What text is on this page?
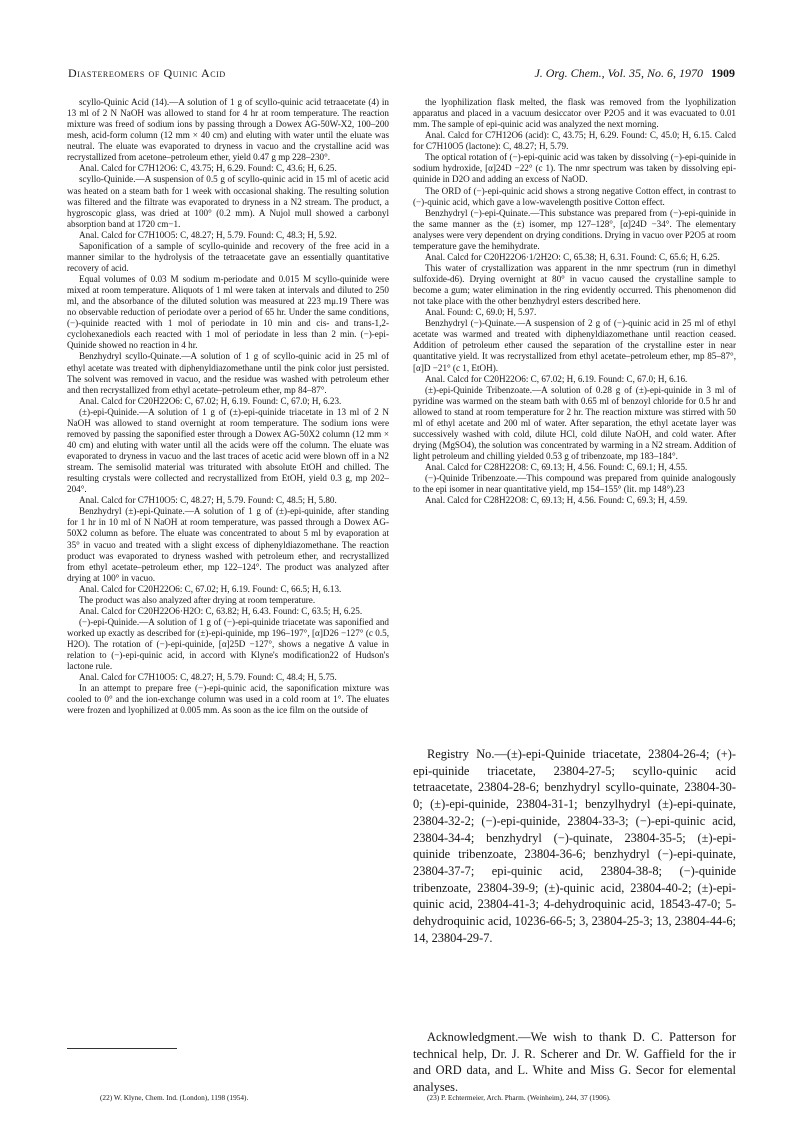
Diastereomers of Quinic Acid	J. Org. Chem., Vol. 35, No. 6, 1970 1909

scyllo-Quinic Acid (14).—A solution of 1 g of scyllo-quinic acid tetraacetate (4) in 13 ml of 2 N NaOH was allowed to stand for 4 hr at room temperature. The reaction mixture was freed of sodium ions by passing through a Dowex AG-50W-X2, 100–200 mesh, acid-form column (12 mm × 40 cm) and eluting with water until the eluate was neutral. The eluate was evaporated to dryness in vacuo and the crystalline acid was recrystallized from acetone–petroleum ether, yield 0.47 g mp 228–230°.

Anal. Calcd for C7H12O6: C, 43.75; H, 6.29. Found: C, 43.6; H, 6.25.

scyllo-Quinide.—A suspension of 0.5 g of scyllo-quinic acid in 15 ml of acetic acid was heated on a steam bath for 1 week with occasional shaking. The resulting solution was filtered and the filtrate was evaporated to dryness in a N2 stream. The product, a hygroscopic glass, was dried at 100° (0.2 mm). A Nujol mull showed a carbonyl absorption band at 1720 cm−1.

Anal. Calcd for C7H10O5: C, 48.27; H, 5.79. Found: C, 48.3; H, 5.92.

Saponification of a sample of scyllo-quinide and recovery of the free acid in a manner similar to the hydrolysis of the tetraacetate gave an essentially quantitative recovery of acid.

Equal volumes of 0.03 M sodium m-periodate and 0.015 M scyllo-quinide were mixed at room temperature. Aliquots of 1 ml were taken at intervals and diluted to 250 ml, and the absorbance of the diluted solution was measured at 223 mμ.19 There was no observable reduction of periodate over a period of 65 hr. Under the same conditions, (−)-quinide reacted with 1 mol of periodate in 10 min and cis- and trans-1,2-cyclohexanediols each reacted with 1 mol of periodate in less than 2 min. (−)-epi-Quinide showed no reaction in 4 hr.

Benzhydryl scyllo-Quinate.—A solution of 1 g of scyllo-quinic acid in 25 ml of ethyl acetate was treated with diphenyldiazomethane until the pink color just persisted. The solvent was removed in vacuo, and the residue was washed with petroleum ether and then recrystallized from ethyl acetate–petroleum ether, mp 84–87°.

Anal. Calcd for C20H22O6: C, 67.02; H, 6.19. Found: C, 67.0; H, 6.23.

(±)-epi-Quinide.—A solution of 1 g of (±)-epi-quinide triacetate in 13 ml of 2 N NaOH was allowed to stand overnight at room temperature. The sodium ions were removed by passing the saponified ester through a Dowex AG-50X2 column (12 mm × 40 cm) and eluting with water until all the acids were off the column. The eluate was evaporated to dryness in vacuo and the last traces of acetic acid were blown off in a N2 stream. The semisolid material was triturated with absolute EtOH and chilled. The resulting crystals were collected and recrystallized from EtOH, yield 0.3 g, mp 202–204°.

Anal. Calcd for C7H10O5: C, 48.27; H, 5.79. Found: C, 48.5; H, 5.80.

Benzhydryl (±)-epi-Quinate.—A solution of 1 g of (±)-epi-quinide, after standing for 1 hr in 10 ml of N NaOH at room temperature, was passed through a Dowex AG-50X2 column as before. The eluate was concentrated to about 5 ml by evaporation at 35° in vacuo and treated with a slight excess of diphenyldiazomethane. The reaction product was evaporated to dryness washed with petroleum ether, and recrystallized from ethyl acetate–petroleum ether, mp 122–124°. The product was analyzed after drying at 100° in vacuo.

Anal. Calcd for C20H22O6: C, 67.02; H, 6.19. Found: C, 66.5; H, 6.13.

The product was also analyzed after drying at room temperature.

Anal. Calcd for C20H22O6·H2O: C, 63.82; H, 6.43. Found: C, 63.5; H, 6.25.

(−)-epi-Quinide.—A solution of 1 g of (−)-epi-quinide triacetate was saponified and worked up exactly as described for (±)-epi-quinide, mp 196–197°, [α]D26 −127° (c 0.5, H2O). The rotation of (−)-epi-quinide, [α]25D −127°, shows a negative Δ value in relation to (−)-epi-quinic acid, in accord with Klyne's modification22 of Hudson's lactone rule.

Anal. Calcd for C7H10O5: C, 48.27; H, 5.79. Found: C, 48.4; H, 5.75.

In an attempt to prepare free (−)-epi-quinic acid, the saponification mixture was cooled to 0° and the ion-exchange column was used in a cold room at 1°. The eluates were frozen and lyophilized at 0.005 mm. As soon as the ice film on the outside of

the lyophilization flask melted, the flask was removed from the lyophilization apparatus and placed in a vacuum desiccator over P2O5 and it was evacuated to 0.01 mm. The sample of epi-quinic acid was analyzed the next morning.

Anal. Calcd for C7H12O6 (acid): C, 43.75; H, 6.29. Found: C, 45.0; H, 6.15. Calcd for C7H10O5 (lactone): C, 48.27; H, 5.79.

The optical rotation of (−)-epi-quinic acid was taken by dissolving (−)-epi-quinide in sodium hydroxide, [α]24D −22° (c 1). The nmr spectrum was taken by dissolving epi-quinide in D2O and adding an excess of NaOD.

The ORD of (−)-epi-quinic acid shows a strong negative Cotton effect, in contrast to (−)-quinic acid, which gave a low-wavelength positive Cotton effect.

Benzhydryl (−)-epi-Quinate.—This substance was prepared from (−)-epi-quinide in the same manner as the (±) isomer, mp 127–128°, [α]24D −34°. The elementary analyses were very dependent on drying conditions. Drying in vacuo over P2O5 at room temperature gave the hemihydrate.

Anal. Calcd for C20H22O6·1/2H2O: C, 65.38; H, 6.31. Found: C, 65.6; H, 6.25.

This water of crystallization was apparent in the nmr spectrum (run in dimethyl sulfoxide-d6). Drying overnight at 80° in vacuo caused the crystalline sample to become a gum; water elimination in the ring evidently occurred. This phenomenon did not take place with the other benzhydryl esters described here.

Anal. Found: C, 69.0; H, 5.97.

Benzhydryl (−)-Quinate.—A suspension of 2 g of (−)-quinic acid in 25 ml of ethyl acetate was warmed and treated with diphenyldiazomethane until reaction ceased. Addition of petroleum ether caused the separation of the crystalline ester in near quantitative yield. It was recrystallized from ethyl acetate–petroleum ether, mp 85–87°, [α]D −21° (c 1, EtOH).

Anal. Calcd for C20H22O6: C, 67.02; H, 6.19. Found: C, 67.0; H, 6.16.

(±)-epi-Quinide Tribenzoate.—A solution of 0.28 g of (±)-epi-quinide in 3 ml of pyridine was warmed on the steam bath with 0.65 ml of benzoyl chloride for 0.5 hr and allowed to stand at room temperature for 2 hr. The reaction mixture was stirred with 50 ml of ethyl acetate and 200 ml of water. After separation, the ethyl acetate layer was successively washed with cold, dilute HCl, cold dilute NaOH, and cold water. After drying (MgSO4), the solution was concentrated by warming in a N2 stream. Addition of light petroleum and chilling yielded 0.53 g of tribenzoate, mp 183–184°.

Anal. Calcd for C28H22O8: C, 69.13; H, 4.56. Found: C, 69.1; H, 4.55.

(−)-Quinide Tribenzoate.—This compound was prepared from quinide analogously to the epi isomer in near quantitative yield, mp 154–155° (lit. mp 148°).23

Anal. Calcd for C28H22O8: C, 69.13; H, 4.56. Found: C, 69.3; H, 4.59.

Registry No.—(±)-epi-Quinide triacetate, 23804-26-4; (+)-epi-quinide triacetate, 23804-27-5; scyllo-quinic acid tetraacetate, 23804-28-6; benzhydryl scyllo-quinate, 23804-30-0; (±)-epi-quinide, 23804-31-1; benzylhydryl (±)-epi-quinate, 23804-32-2; (−)-epi-quinide, 23804-33-3; (−)-epi-quinic acid, 23804-34-4; benzhydryl (−)-quinate, 23804-35-5; (±)-epi-quinide tribenzoate, 23804-36-6; benzhydryl (−)-epi-quinate, 23804-37-7; epi-quinic acid, 23804-38-8; (−)-quinide tribenzoate, 23804-39-9; (±)-quinic acid, 23804-40-2; (±)-epi-quinic acid, 23804-41-3; 4-dehydroquinic acid, 18543-47-0; 5-dehydroquinic acid, 10236-66-5; 3, 23804-25-3; 13, 23804-44-6; 14, 23804-29-7.

Acknowledgment.—We wish to thank D. C. Patterson for technical help, Dr. J. R. Scherer and Dr. W. Gaffield for the ir and ORD data, and L. White and Miss G. Secor for elemental analyses.

(22) W. Klyne, Chem. Ind. (London), 1198 (1954).	(23) P. Echtermeier, Arch. Pharm. (Weinheim), 244, 37 (1906).
